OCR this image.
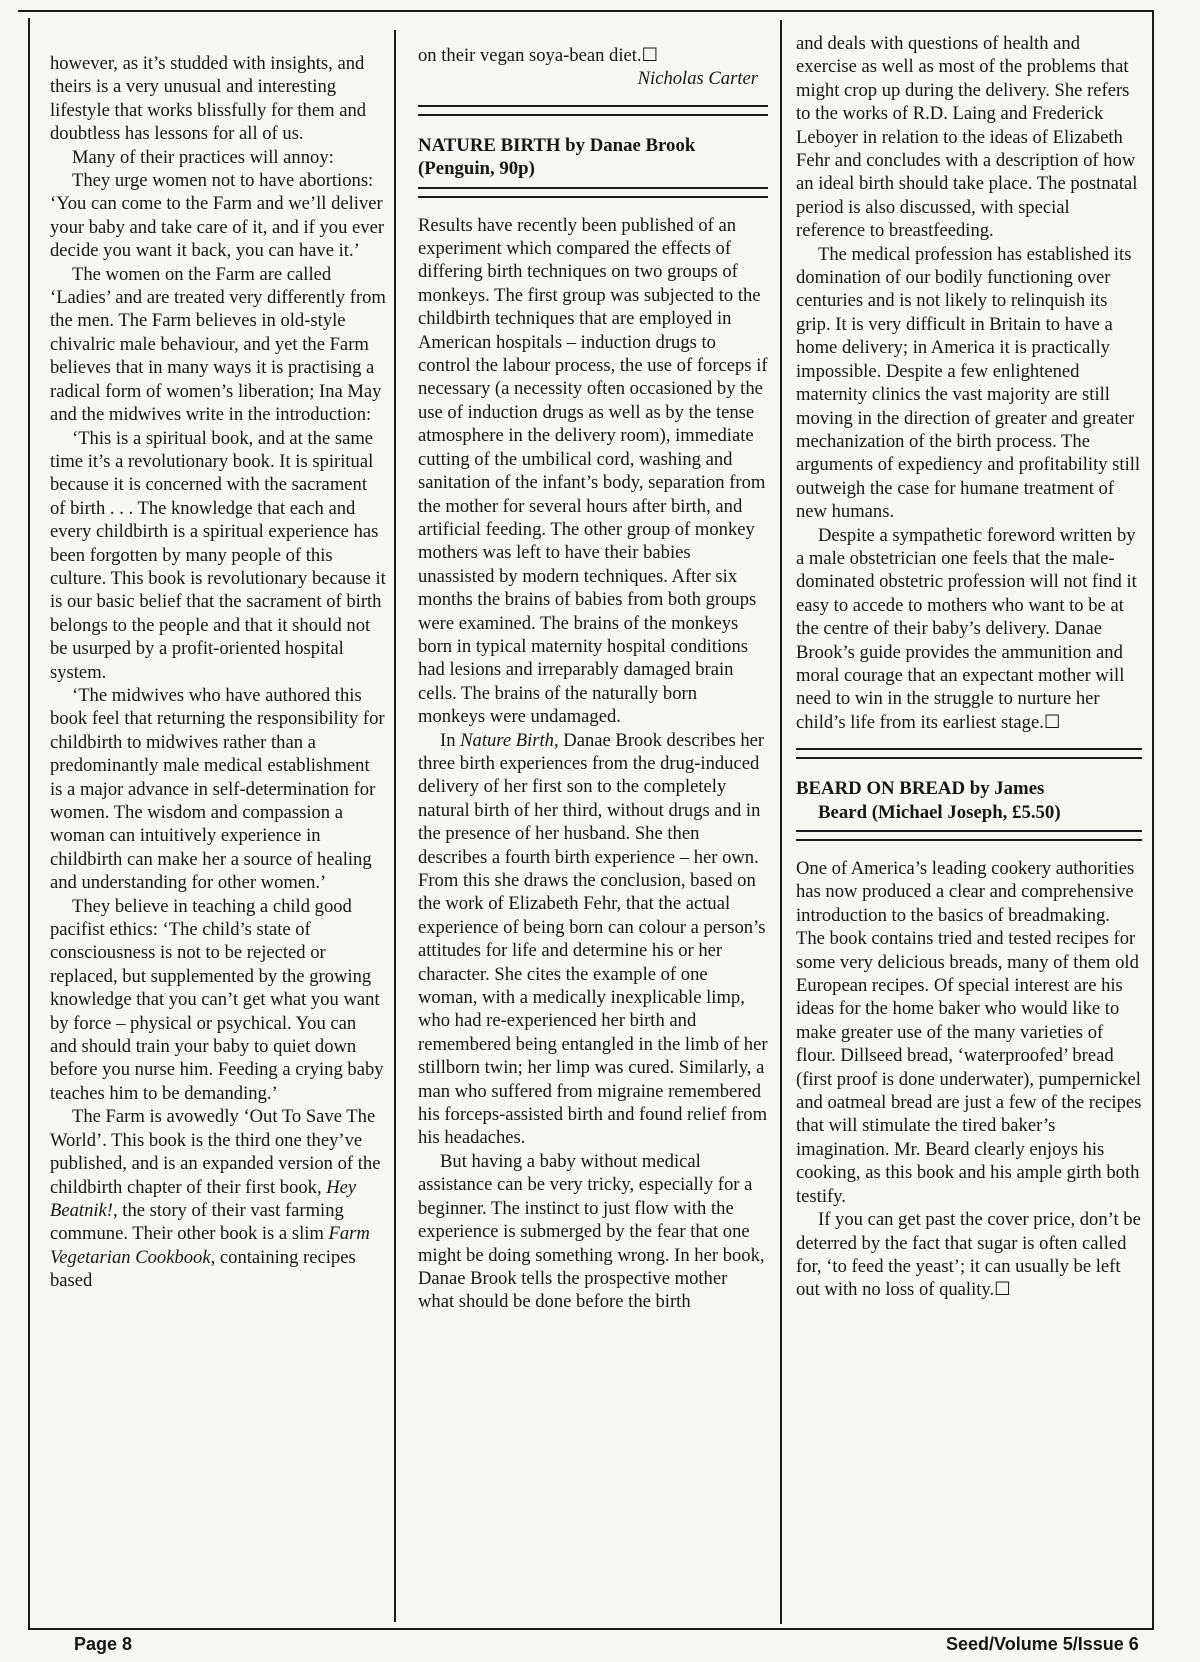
however, as it’s studded with insights, and theirs is a very unusual and interesting lifestyle that works blissfully for them and doubtless has lessons for all of us.

Many of their practices will annoy:

They urge women not to have abortions: ‘You can come to the Farm and we’ll deliver your baby and take care of it, and if you ever decide you want it back, you can have it.’

The women on the Farm are called ‘Ladies’ and are treated very differently from the men. The Farm believes in old-style chivalric male behaviour, and yet the Farm believes that in many ways it is practising a radical form of women’s liberation; Ina May and the midwives write in the introduction:

‘This is a spiritual book, and at the same time it’s a revolutionary book. It is spiritual because it is concerned with the sacrament of birth . . . The knowledge that each and every childbirth is a spiritual experience has been forgotten by many people of this culture. This book is revolutionary because it is our basic belief that the sacrament of birth belongs to the people and that it should not be usurped by a profit-oriented hospital system.

‘The midwives who have authored this book feel that returning the responsibility for childbirth to midwives rather than a predominantly male medical establishment is a major advance in self-determination for women. The wisdom and compassion a woman can intuitively experience in childbirth can make her a source of healing and understanding for other women.’

They believe in teaching a child good pacifist ethics: ‘The child’s state of consciousness is not to be rejected or replaced, but supplemented by the growing knowledge that you can’t get what you want by force – physical or psychical. You can and should train your baby to quiet down before you nurse him. Feeding a crying baby teaches him to be demanding.’

The Farm is avowedly ‘Out To Save The World’. This book is the third one they’ve published, and is an expanded version of the childbirth chapter of their first book, Hey Beatnik!, the story of their vast farming commune. Their other book is a slim Farm Vegetarian Cookbook, containing recipes based

on their vegan soya-bean diet.☐

Nicholas Carter

NATURE BIRTH by Danae Brook
(Penguin, 90p)

Results have recently been published of an experiment which compared the effects of differing birth techniques on two groups of monkeys. The first group was subjected to the childbirth techniques that are employed in American hospitals – induction drugs to control the labour process, the use of forceps if necessary (a necessity often occasioned by the use of induction drugs as well as by the tense atmosphere in the delivery room), immediate cutting of the umbilical cord, washing and sanitation of the infant’s body, separation from the mother for several hours after birth, and artificial feeding. The other group of monkey mothers was left to have their babies unassisted by modern techniques. After six months the brains of babies from both groups were examined. The brains of the monkeys born in typical maternity hospital conditions had lesions and irreparably damaged brain cells. The brains of the naturally born monkeys were undamaged.

In Nature Birth, Danae Brook describes her three birth experiences from the drug-induced delivery of her first son to the completely natural birth of her third, without drugs and in the presence of her husband. She then describes a fourth birth experience – her own. From this she draws the conclusion, based on the work of Elizabeth Fehr, that the actual experience of being born can colour a person’s attitudes for life and determine his or her character. She cites the example of one woman, with a medically inexplicable limp, who had re-experienced her birth and remembered being entangled in the limb of her stillborn twin; her limp was cured. Similarly, a man who suffered from migraine remembered his forceps-assisted birth and found relief from his headaches.

But having a baby without medical assistance can be very tricky, especially for a beginner. The instinct to just flow with the experience is submerged by the fear that one might be doing something wrong. In her book, Danae Brook tells the prospective mother what should be done before the birth

and deals with questions of health and exercise as well as most of the problems that might crop up during the delivery. She refers to the works of R.D. Laing and Frederick Leboyer in relation to the ideas of Elizabeth Fehr and concludes with a description of how an ideal birth should take place. The postnatal period is also discussed, with special reference to breastfeeding.

The medical profession has established its domination of our bodily functioning over centuries and is not likely to relinquish its grip. It is very difficult in Britain to have a home delivery; in America it is practically impossible. Despite a few enlightened maternity clinics the vast majority are still moving in the direction of greater and greater mechanization of the birth process. The arguments of expediency and profitability still outweigh the case for humane treatment of new humans.

Despite a sympathetic foreword written by a male obstetrician one feels that the male-dominated obstetric profession will not find it easy to accede to mothers who want to be at the centre of their baby’s delivery. Danae Brook’s guide provides the ammunition and moral courage that an expectant mother will need to win in the struggle to nurture her child’s life from its earliest stage.☐

BEARD ON BREAD by James
Beard (Michael Joseph, £5.50)

One of America’s leading cookery authorities has now produced a clear and comprehensive introduction to the basics of breadmaking. The book contains tried and tested recipes for some very delicious breads, many of them old European recipes. Of special interest are his ideas for the home baker who would like to make greater use of the many varieties of flour. Dillseed bread, ‘waterproofed’ bread (first proof is done underwater), pumpernickel and oatmeal bread are just a few of the recipes that will stimulate the tired baker’s imagination. Mr. Beard clearly enjoys his cooking, as this book and his ample girth both testify.

If you can get past the cover price, don’t be deterred by the fact that sugar is often called for, ‘to feed the yeast’; it can usually be left out with no loss of quality.☐

Page 8	Seed/Volume 5/Issue 6
